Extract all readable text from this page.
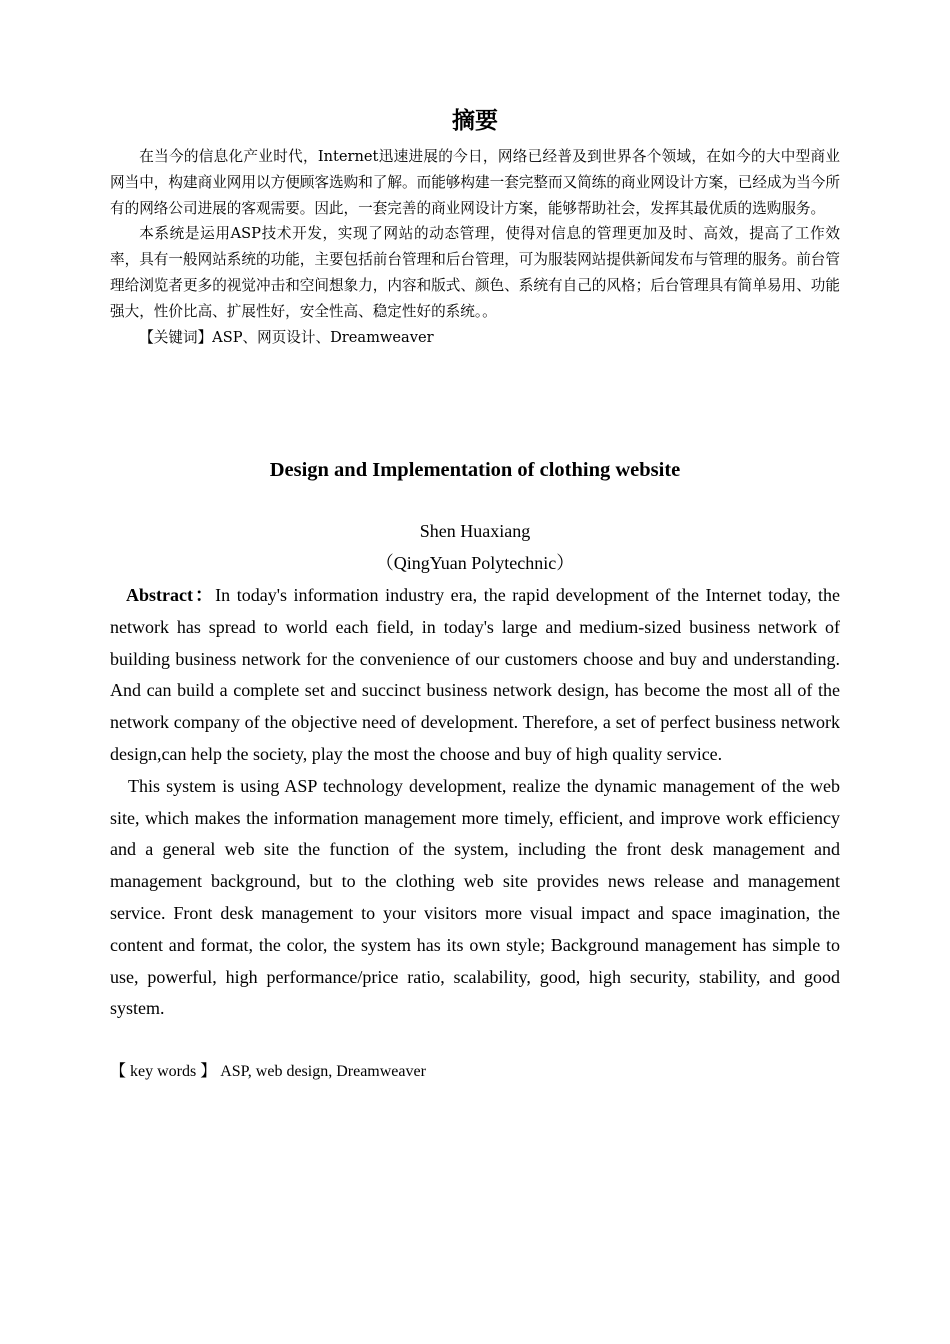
摘要

在当今的信息化产业时代，Internet迅速进展的今日，网络已经普及到世界各个领域，在如今的大中型商业网当中，构建商业网用以方便顾客选购和了解。而能够构建一套完整而又简练的商业网设计方案，已经成为当今所有的网络公司进展的客观需要。因此，一套完善的商业网设计方案，能够帮助社会，发挥其最优质的选购服务。

本系统是运用ASP技术开发，实现了网站的动态管理，使得对信息的管理更加及时、高效，提高了工作效率，具有一般网站系统的功能，主要包括前台管理和后台管理，可为服装网站提供新闻发布与管理的服务。前台管理给浏览者更多的视觉冲击和空间想象力，内容和版式、颜色、系统有自己的风格；后台管理具有简单易用、功能强大，性价比高、扩展性好，安全性高、稳定性好的系统。。

【关键词】ASP、网页设计、Dreamweaver

Design and Implementation of clothing website
Shen Huaxiang
（QingYuan Polytechnic）

Abstract：In today's information industry era, the rapid development of the Internet today, the network has spread to world each field, in today's large and medium-sized business network of building business network for the convenience of our customers choose and buy and understanding. And can build a complete set and succinct business network design, has become the most all of the network company of the objective need of development. Therefore, a set of perfect business network design,can help the society, play the most the choose and buy of high quality service.

This system is using ASP technology development, realize the dynamic management of the web site, which makes the information management more timely, efficient, and improve work efficiency and a general web site the function of the system, including the front desk management and management background, but to the clothing web site provides news release and management service. Front desk management to your visitors more visual impact and space imagination, the content and format, the color, the system has its own style; Background management has simple to use, powerful, high performance/price ratio, scalability, good, high security, stability, and good system.

【 key words 】 ASP, web design, Dreamweaver
